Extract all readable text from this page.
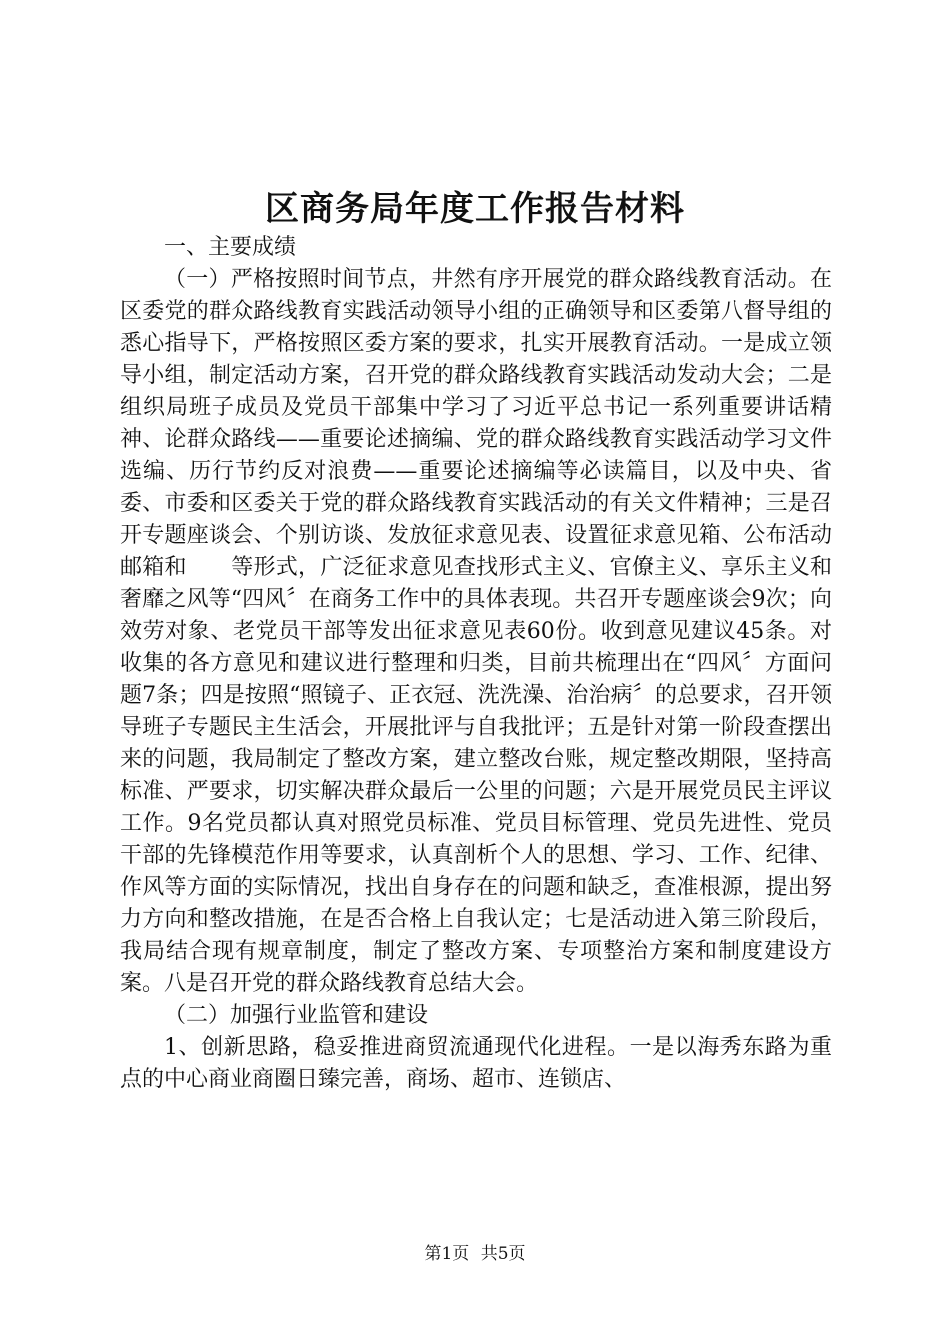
区商务局年度工作报告材料

一、主要成绩

（一）严格按照时间节点，井然有序开展党的群众路线教育活动。在区委党的群众路线教育实践活动领导小组的正确领导和区委第八督导组的悉心指导下，严格按照区委方案的要求，扎实开展教育活动。一是成立领导小组，制定活动方案，召开党的群众路线教育实践活动发动大会；二是组织局班子成员及党员干部集中学习了习近平总书记一系列重要讲话精神、论群众路线——重要论述摘编、党的群众路线教育实践活动学习文件选编、历行节约反对浪费——重要论述摘编等必读篇目，以及中央、省委、市委和区委关于党的群众路线教育实践活动的有关文件精神；三是召开专题座谈会、个别访谈、发放征求意见表、设置征求意见箱、公布活动邮箱和　　等形式，广泛征求意见查找形式主义、官僚主义、享乐主义和奢靡之风等“四风〞在商务工作中的具体表现。共召开专题座谈会9次；向效劳对象、老党员干部等发出征求意见表60份。收到意见建议45条。对收集的各方意见和建议进行整理和归类，目前共梳理出在“四风〞方面问题7条；四是按照“照镜子、正衣冠、洗洗澡、治治病〞的总要求，召开领导班子专题民主生活会，开展批评与自我批评；五是针对第一阶段查摆出来的问题，我局制定了整改方案，建立整改台账，规定整改期限，坚持高标准、严要求，切实解决群众最后一公里的问题；六是开展党员民主评议工作。9名党员都认真对照党员标准、党员目标管理、党员先进性、党员干部的先锋模范作用等要求，认真剖析个人的思想、学习、工作、纪律、作风等方面的实际情况，找出自身存在的问题和缺乏，查准根源，提出努力方向和整改措施，在是否合格上自我认定；七是活动进入第三阶段后，我局结合现有规章制度，制定了整改方案、专项整治方案和制度建设方案。八是召开党的群众路线教育总结大会。

（二）加强行业监管和建设

1、创新思路，稳妥推进商贸流通现代化进程。一是以海秀东路为重点的中心商业商圈日臻完善，商场、超市、连锁店、

第1页 共5页
